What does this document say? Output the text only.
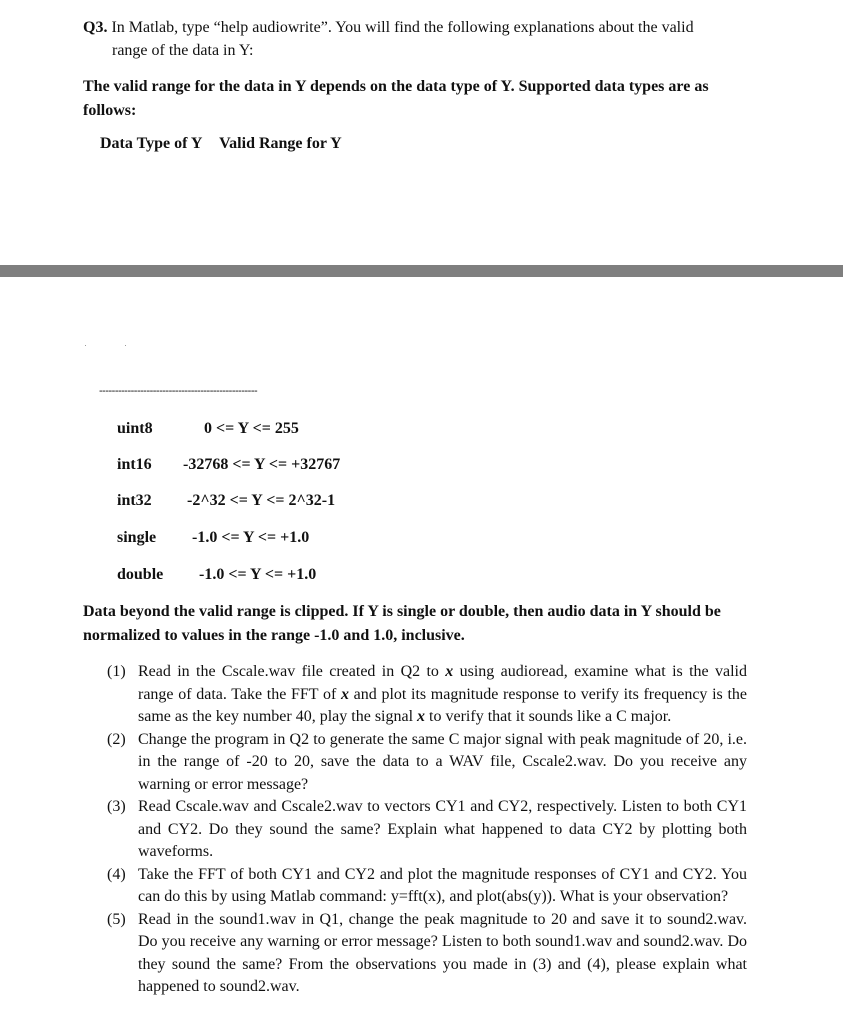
Q3. In Matlab, type “help audiowrite”. You will find the following explanations about the valid
range of the data in Y:
The valid range for the data in Y depends on the data type of Y. Supported data types are as follows:
Data Type of Y Valid Range for Y
--------------------------------------------------
uint8	0 <= Y <= 255
int16 -32768 <= Y <= +32767
int32 -2^32 <= Y <= 2^32-1
single -1.0 <= Y <= +1.0
double -1.0 <= Y <= +1.0
Data beyond the valid range is clipped. If Y is single or double, then audio data in Y should be normalized to values in the range -1.0 and 1.0, inclusive.
(1) Read in the Cscale.wav file created in Q2 to x using audioread, examine what is the valid range of data. Take the FFT of x and plot its magnitude response to verify its frequency is the same as the key number 40, play the signal x to verify that it sounds like a C major.
(2) Change the program in Q2 to generate the same C major signal with peak magnitude of 20, i.e. in the range of -20 to 20, save the data to a WAV file, Cscale2.wav. Do you receive any warning or error message?
(3) Read Cscale.wav and Cscale2.wav to vectors CY1 and CY2, respectively. Listen to both CY1 and CY2. Do they sound the same? Explain what happened to data CY2 by plotting both waveforms.
(4) Take the FFT of both CY1 and CY2 and plot the magnitude responses of CY1 and CY2. You can do this by using Matlab command: y=fft(x), and plot(abs(y)). What is your observation?
(5) Read in the sound1.wav in Q1, change the peak magnitude to 20 and save it to sound2.wav. Do you receive any warning or error message? Listen to both sound1.wav and sound2.wav. Do they sound the same? From the observations you made in (3) and (4), please explain what happened to sound2.wav.
